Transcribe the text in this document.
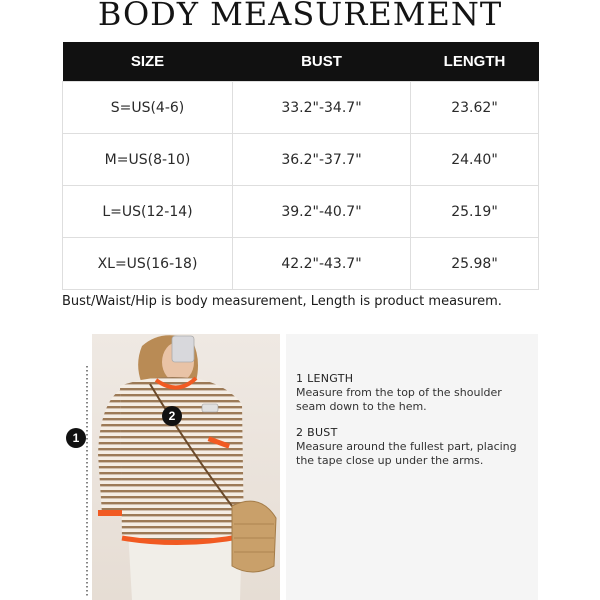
BODY MEASUREMENT
SIZE	BUST	LENGTH
S=US(4-6)	33.2"-34.7"	23.62"
M=US(8-10)	36.2"-37.7"	24.40"
L=US(12-14)	39.2"-40.7"	25.19"
XL=US(16-18)	42.2"-43.7"	25.98"
Bust/Waist/Hip is body measurement, Length is product measurem.
1
2
1 LENGTH
Measure from the top of the shoulder seam down to the hem.
2 BUST
Measure around the fullest part, placing the tape close up under the arms.
